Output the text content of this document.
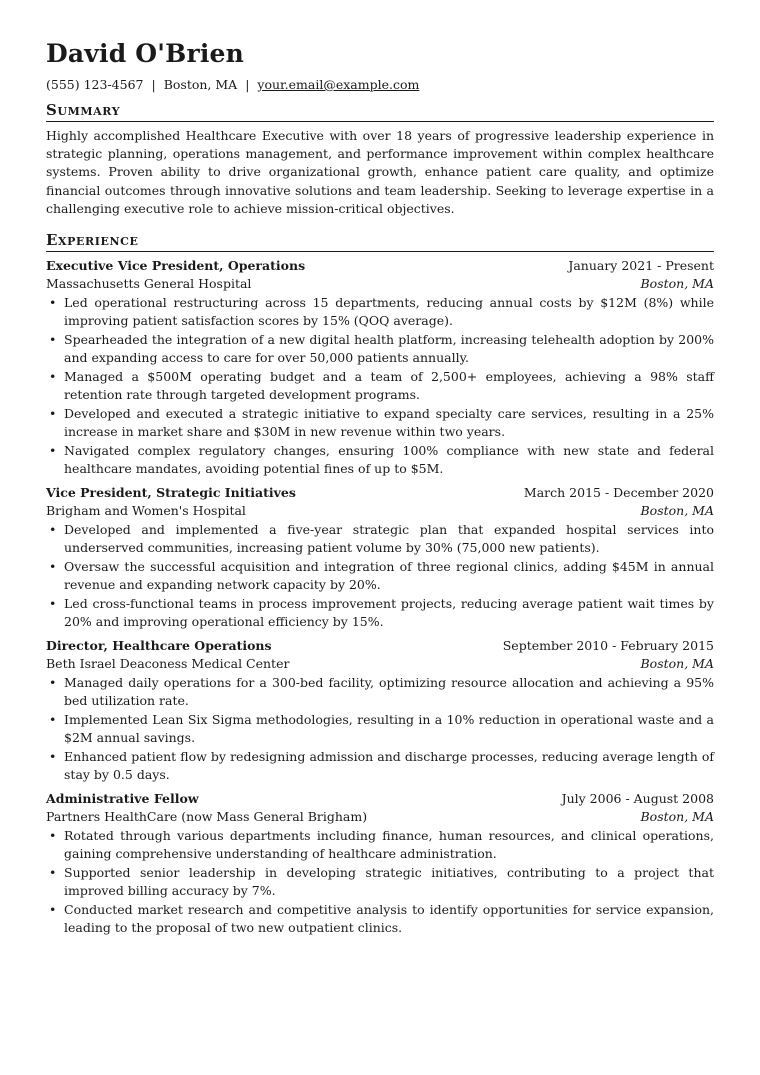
David O'Brien
(555) 123-4567 | Boston, MA | your.email@example.com
Summary

Highly accomplished Healthcare Executive with over 18 years of progressive leadership experience in strategic planning, operations management, and performance improvement within complex healthcare systems. Proven ability to drive organizational growth, enhance patient care quality, and optimize financial outcomes through innovative solutions and team leadership. Seeking to leverage expertise in a challenging executive role to achieve mission-critical objectives.

Experience
Executive Vice President, Operations	January 2021 - Present
Massachusetts General Hospital	Boston, MA
• Led operational restructuring across 15 departments, reducing annual costs by $12M (8%) while improving patient satisfaction scores by 15% (QOQ average).
• Spearheaded the integration of a new digital health platform, increasing telehealth adoption by 200% and expanding access to care for over 50,000 patients annually.
• Managed a $500M operating budget and a team of 2,500+ employees, achieving a 98% staff retention rate through targeted development programs.
• Developed and executed a strategic initiative to expand specialty care services, resulting in a 25% increase in market share and $30M in new revenue within two years.
• Navigated complex regulatory changes, ensuring 100% compliance with new state and federal healthcare mandates, avoiding potential fines of up to $5M.
Vice President, Strategic Initiatives	March 2015 - December 2020
Brigham and Women's Hospital	Boston, MA
• Developed and implemented a five-year strategic plan that expanded hospital services into underserved communities, increasing patient volume by 30% (75,000 new patients).
• Oversaw the successful acquisition and integration of three regional clinics, adding $45M in annual revenue and expanding network capacity by 20%.
• Led cross-functional teams in process improvement projects, reducing average patient wait times by 20% and improving operational efficiency by 15%.
Director, Healthcare Operations	September 2010 - February 2015
Beth Israel Deaconess Medical Center	Boston, MA
• Managed daily operations for a 300-bed facility, optimizing resource allocation and achieving a 95% bed utilization rate.
• Implemented Lean Six Sigma methodologies, resulting in a 10% reduction in operational waste and a $2M annual savings.
• Enhanced patient flow by redesigning admission and discharge processes, reducing average length of stay by 0.5 days.
Administrative Fellow	July 2006 - August 2008
Partners HealthCare (now Mass General Brigham)	Boston, MA
• Rotated through various departments including finance, human resources, and clinical operations, gaining comprehensive understanding of healthcare administration.
• Supported senior leadership in developing strategic initiatives, contributing to a project that improved billing accuracy by 7%.
• Conducted market research and competitive analysis to identify opportunities for service expansion, leading to the proposal of two new outpatient clinics.
